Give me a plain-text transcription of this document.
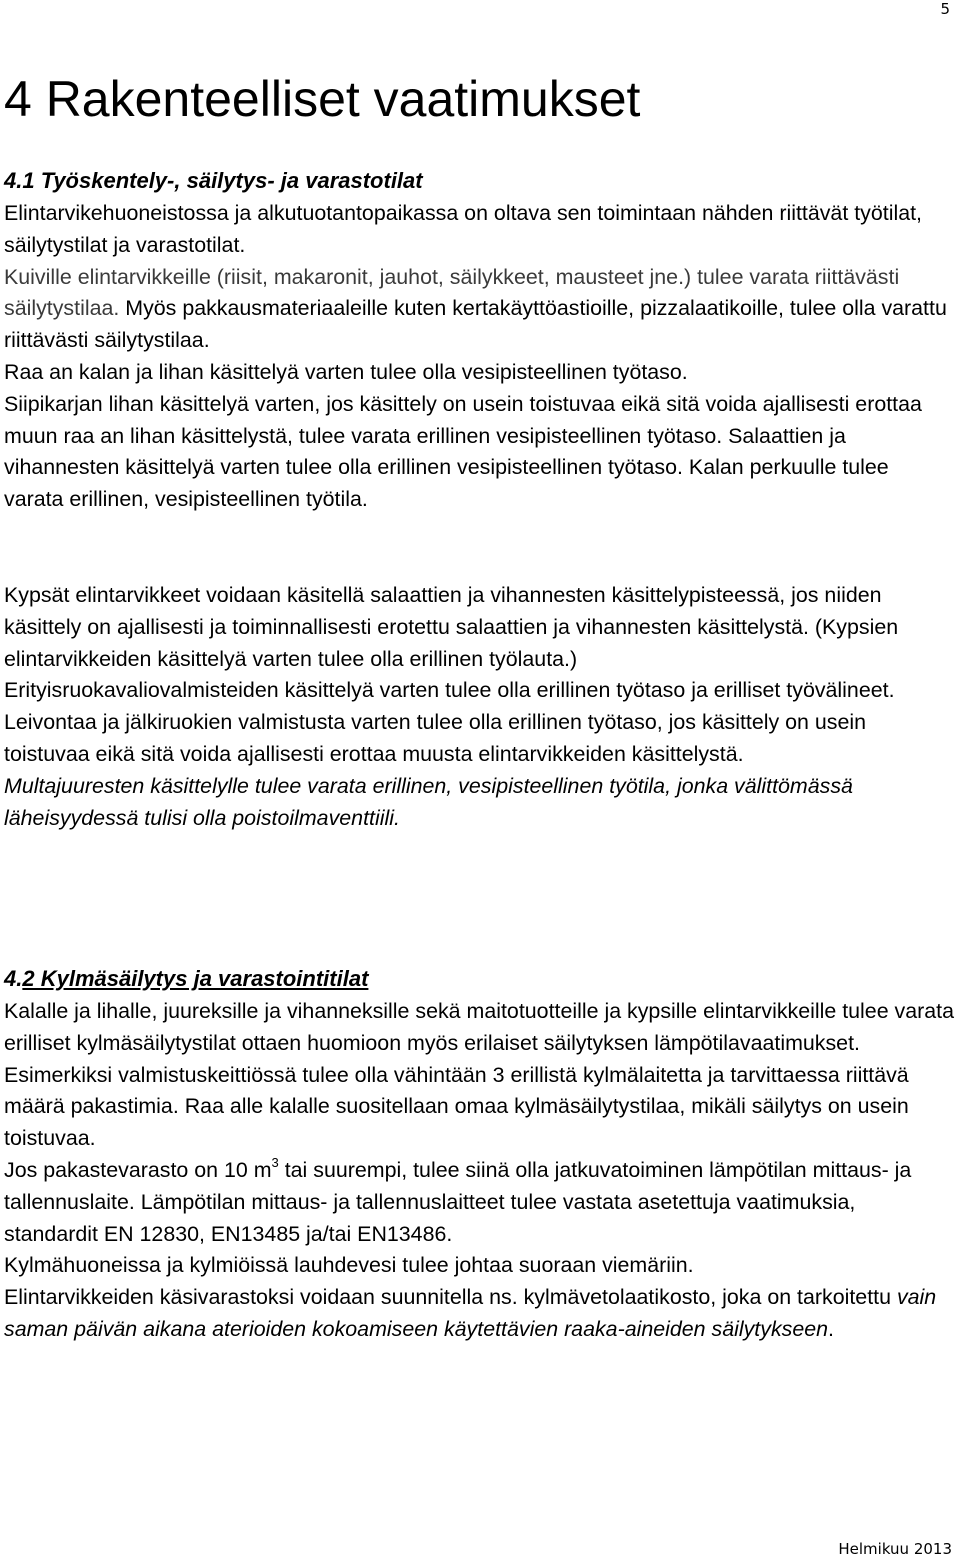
5
4 Rakenteelliset vaatimukset
4.1 Työskentely-, säilytys- ja varastotilat

Elintarvikehuoneistossa ja alkutuotantopaikassa on oltava sen toimintaan nähden riittävät työtilat, säilytystilat ja varastotilat.
Kuiville elintarvikkeille (riisit, makaronit, jauhot, säilykkeet, mausteet jne.) tulee varata riittävästi säilytystilaa. Myös pakkausmateriaaleille kuten kertakäyttöastioille, pizzalaatikoille, tulee olla varattu riittävästi säilytystilaa.
Raa an kalan ja lihan käsittelyä varten tulee olla vesipisteellinen työtaso.
Siipikarjan lihan käsittelyä varten, jos käsittely on usein toistuvaa eikä sitä voida ajallisesti erottaa muun raa an lihan käsittelystä, tulee varata erillinen vesipisteellinen työtaso. Salaattien ja vihannesten käsittelyä varten tulee olla erillinen vesipisteellinen työtaso. Kalan perkuulle tulee varata erillinen, vesipisteellinen työtila.

Kypsät elintarvikkeet voidaan käsitellä salaattien ja vihannesten käsittelypisteessä, jos niiden käsittely on ajallisesti ja toiminnallisesti erotettu salaattien ja vihannesten käsittelystä. (Kypsien elintarvikkeiden käsittelyä varten tulee olla erillinen työlauta.)
Erityisruokavaliovalmisteiden käsittelyä varten tulee olla erillinen työtaso ja erilliset työvälineet.
Leivontaa ja jälkiruokien valmistusta varten tulee olla erillinen työtaso, jos käsittely on usein toistuvaa eikä sitä voida ajallisesti erottaa muusta elintarvikkeiden käsittelystä.
Multajuuresten käsittelylle tulee varata erillinen, vesipisteellinen työtila, jonka välittömässä läheisyydessä tulisi olla poistoilmaventtiili.

4.2 Kylmäsäilytys ja varastointitilat

Kalalle ja lihalle, juureksille ja vihanneksille sekä maitotuotteille ja kypsille elintarvikkeille tulee varata erilliset kylmäsäilytystilat ottaen huomioon myös erilaiset säilytyksen lämpötilavaatimukset. Esimerkiksi valmistuskeittiössä tulee olla vähintään 3 erillistä kylmälaitetta ja tarvittaessa riittävä määrä pakastimia. Raa alle kalalle suositellaan omaa kylmäsäilytystilaa, mikäli säilytys on usein toistuvaa.
Jos pakastevarasto on 10 $m^3$ tai suurempi, tulee siinä olla jatkuvatoiminen lämpötilan mittaus- ja tallennuslaite. Lämpötilan mittaus- ja tallennuslaitteet tulee vastata asetettuja vaatimuksia, standardit EN 12830, EN13485 ja/tai EN13486.
Kylmähuoneissa ja kylmiöissä lauhdevesi tulee johtaa suoraan viemäriin.
Elintarvikkeiden käsivarastoksi voidaan suunnitella ns. kylmävetolaatikosto, joka on tarkoitettu vain saman päivän aikana aterioiden kokoamiseen käytettävien raaka-aineiden säilytykseen.

Helmikuu 2013
